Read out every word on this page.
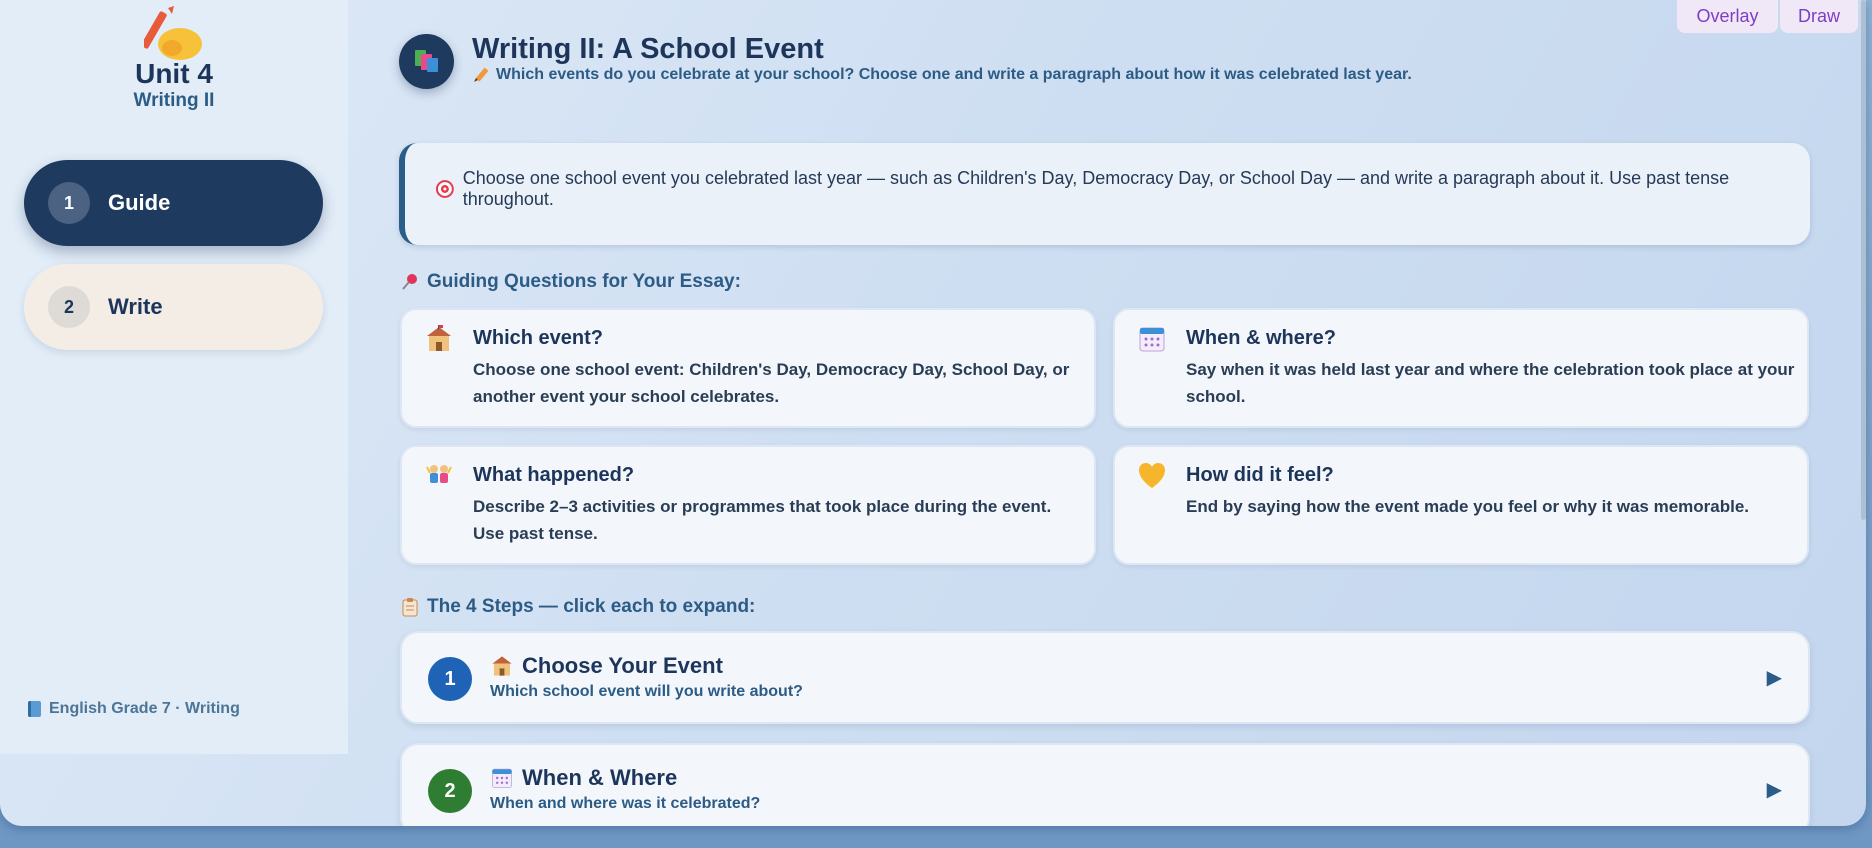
Unit 4
Writing II
1	Guide
2	Write
English Grade 7 · Writing
Overlay	Draw
Writing II: A School Event
Which events do you celebrate at your school? Choose one and write a paragraph about how it was celebrated last year.
Choose one school event you celebrated last year — such as Children's Day, Democracy Day, or School Day — and write a paragraph about it. Use past tense throughout.
Guiding Questions for Your Essay:
Which event?
Choose one school event: Children's Day, Democracy Day, School Day, or another event your school celebrates.
When & where?
Say when it was held last year and where the celebration took place at your school.
What happened?
Describe 2–3 activities or programmes that took place during the event. Use past tense.
How did it feel?
End by saying how the event made you feel or why it was memorable.
The 4 Steps — click each to expand:
1
Choose Your Event
Which school event will you write about?
▶
2
When & Where
When and where was it celebrated?
▶
